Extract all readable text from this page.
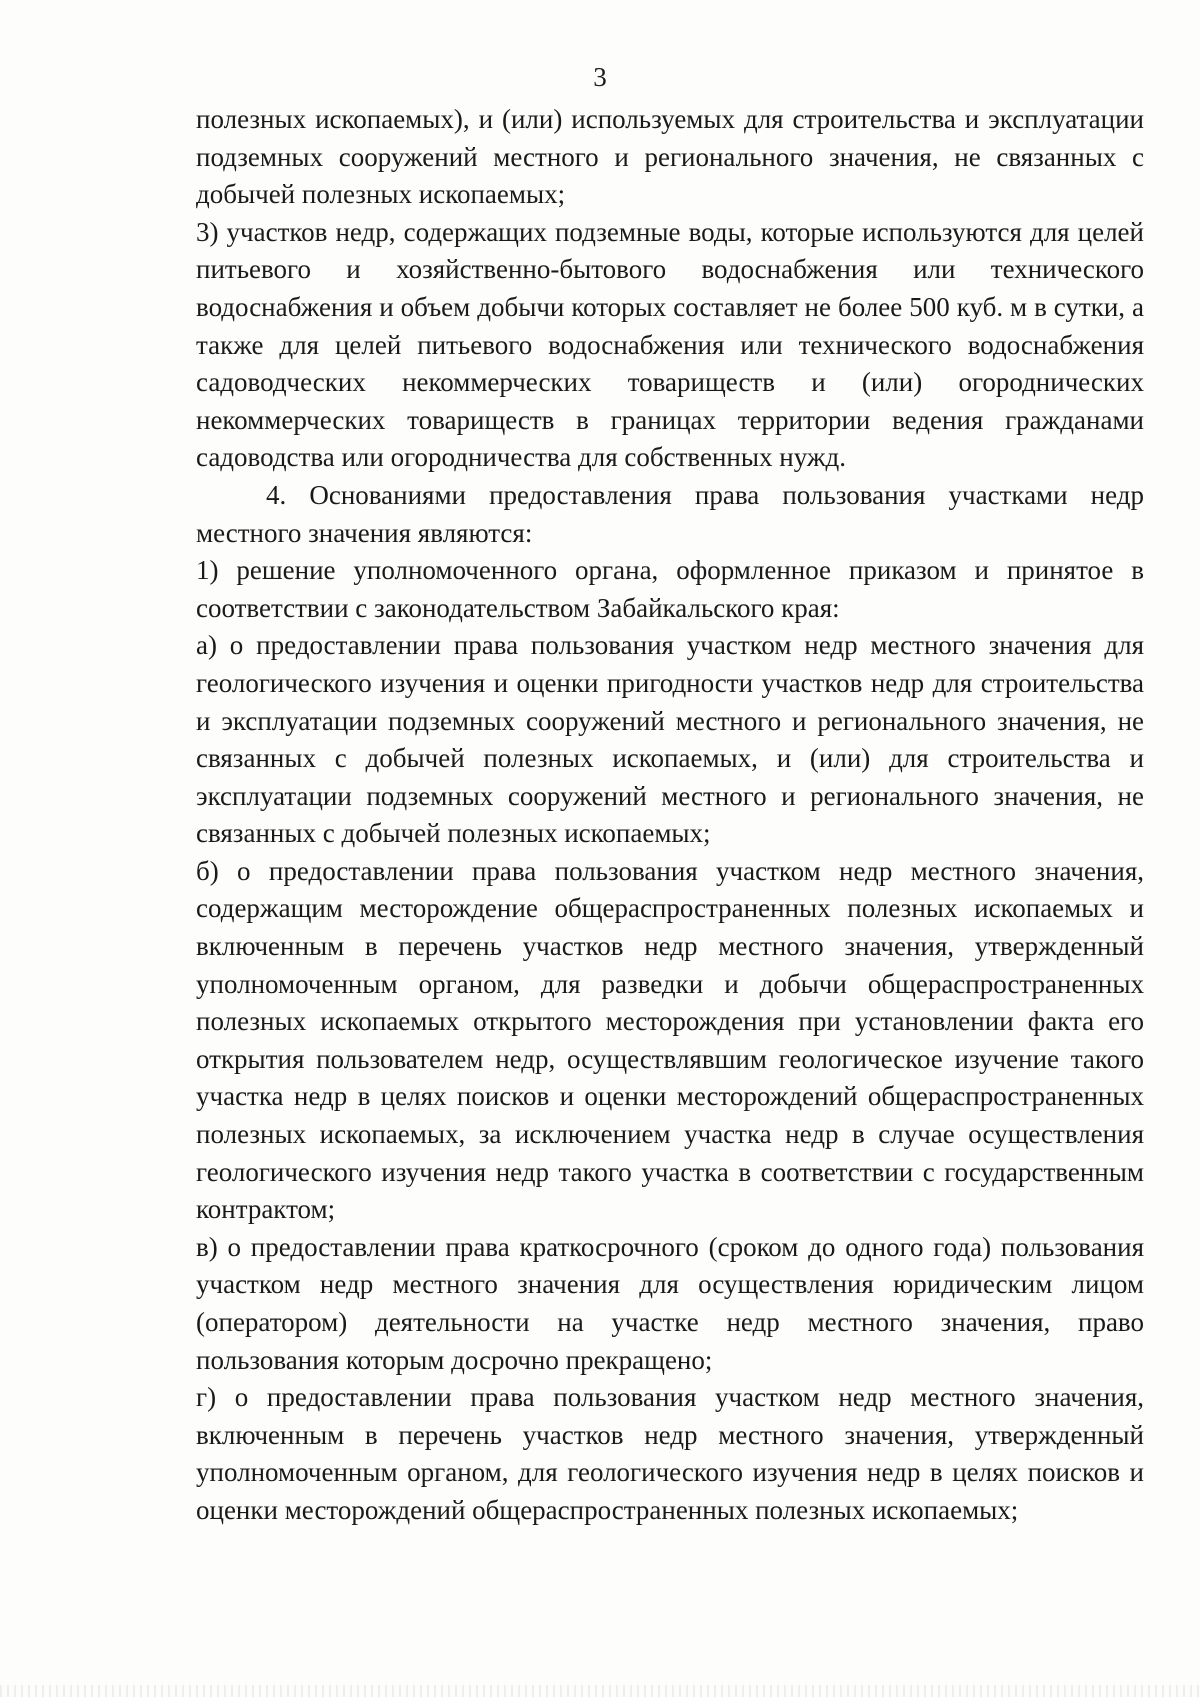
3

полезных ископаемых), и (или) используемых для строительства и эксплуатации подземных сооружений местного и регионального значения, не связанных с добычей полезных ископаемых;

3) участков недр, содержащих подземные воды, которые используются для целей питьевого и хозяйственно-бытового водоснабжения или технического водоснабжения и объем добычи которых составляет не более 500 куб. м в сутки, а также для целей питьевого водоснабжения или технического водоснабжения садоводческих некоммерческих товариществ и (или) огороднических некоммерческих товариществ в границах территории ведения гражданами садоводства или огородничества для собственных нужд.

4. Основаниями предоставления права пользования участками недр местного значения являются:

1) решение уполномоченного органа, оформленное приказом и принятое в соответствии с законодательством Забайкальского края:

а) о предоставлении права пользования участком недр местного значения для геологического изучения и оценки пригодности участков недр для строительства и эксплуатации подземных сооружений местного и регионального значения, не связанных с добычей полезных ископаемых, и (или) для строительства и эксплуатации подземных сооружений местного и регионального значения, не связанных с добычей полезных ископаемых;

б) о предоставлении права пользования участком недр местного значения, содержащим месторождение общераспространенных полезных ископаемых и включенным в перечень участков недр местного значения, утвержденный уполномоченным органом, для разведки и добычи общераспространенных полезных ископаемых открытого месторождения при установлении факта его открытия пользователем недр, осуществлявшим геологическое изучение такого участка недр в целях поисков и оценки месторождений общераспространенных полезных ископаемых, за исключением участка недр в случае осуществления геологического изучения недр такого участка в соответствии с государственным контрактом;

в) о предоставлении права краткосрочного (сроком до одного года) пользования участком недр местного значения для осуществления юридическим лицом (оператором) деятельности на участке недр местного значения, право пользования которым досрочно прекращено;

г) о предоставлении права пользования участком недр местного значения, включенным в перечень участков недр местного значения, утвержденный уполномоченным органом, для геологического изучения недр в целях поисков и оценки месторождений общераспространенных полезных ископаемых;
